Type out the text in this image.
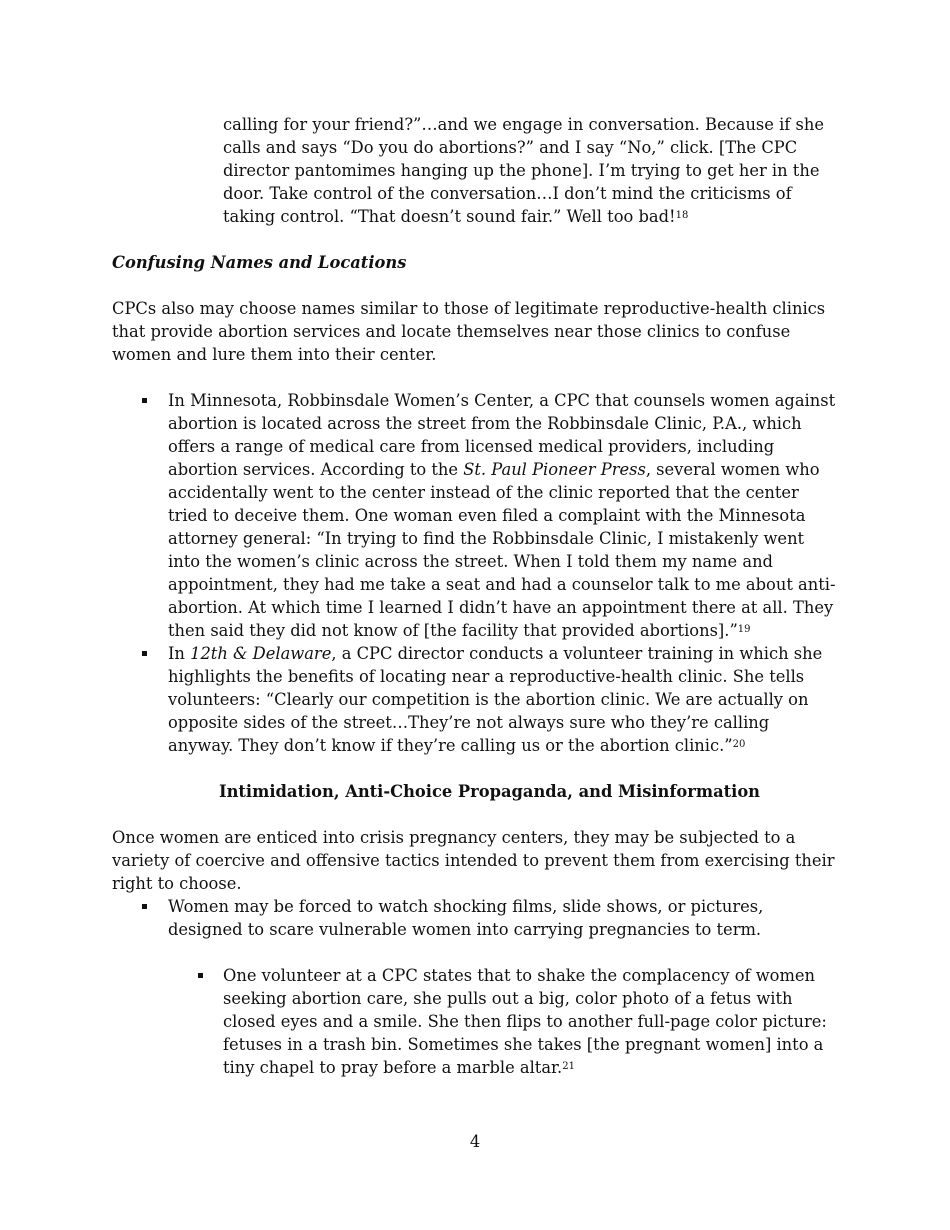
calling for your friend?”…and we engage in conversation. Because if she calls and says “Do you do abortions?” and I say “No,” click. [The CPC director pantomimes hanging up the phone]. I’m trying to get her in the door. Take control of the conversation…I don’t mind the criticisms of taking control. “That doesn’t sound fair.” Well too bad!$^{18}$

Confusing Names and Locations

CPCs also may choose names similar to those of legitimate reproductive-health clinics that provide abortion services and locate themselves near those clinics to confuse women and lure them into their center.

In Minnesota, Robbinsdale Women’s Center, a CPC that counsels women against abortion is located across the street from the Robbinsdale Clinic, P.A., which offers a range of medical care from licensed medical providers, including abortion services. According to the St. Paul Pioneer Press, several women who accidentally went to the center instead of the clinic reported that the center tried to deceive them. One woman even filed a complaint with the Minnesota attorney general: “In trying to find the Robbinsdale Clinic, I mistakenly went into the women’s clinic across the street. When I told them my name and appointment, they had me take a seat and had a counselor talk to me about anti-abortion. At which time I learned I didn’t have an appointment there at all. They then said they did not know of [the facility that provided abortions].”$^{19}$

In 12th & Delaware, a CPC director conducts a volunteer training in which she highlights the benefits of locating near a reproductive-health clinic. She tells volunteers: “Clearly our competition is the abortion clinic. We are actually on opposite sides of the street…They’re not always sure who they’re calling anyway. They don’t know if they’re calling us or the abortion clinic.”$^{20}$

Intimidation, Anti-Choice Propaganda, and Misinformation

Once women are enticed into crisis pregnancy centers, they may be subjected to a variety of coercive and offensive tactics intended to prevent them from exercising their right to choose.

Women may be forced to watch shocking films, slide shows, or pictures, designed to scare vulnerable women into carrying pregnancies to term.

One volunteer at a CPC states that to shake the complacency of women seeking abortion care, she pulls out a big, color photo of a fetus with closed eyes and a smile. She then flips to another full-page color picture: fetuses in a trash bin. Sometimes she takes [the pregnant women] into a tiny chapel to pray before a marble altar.$^{21}$

4
